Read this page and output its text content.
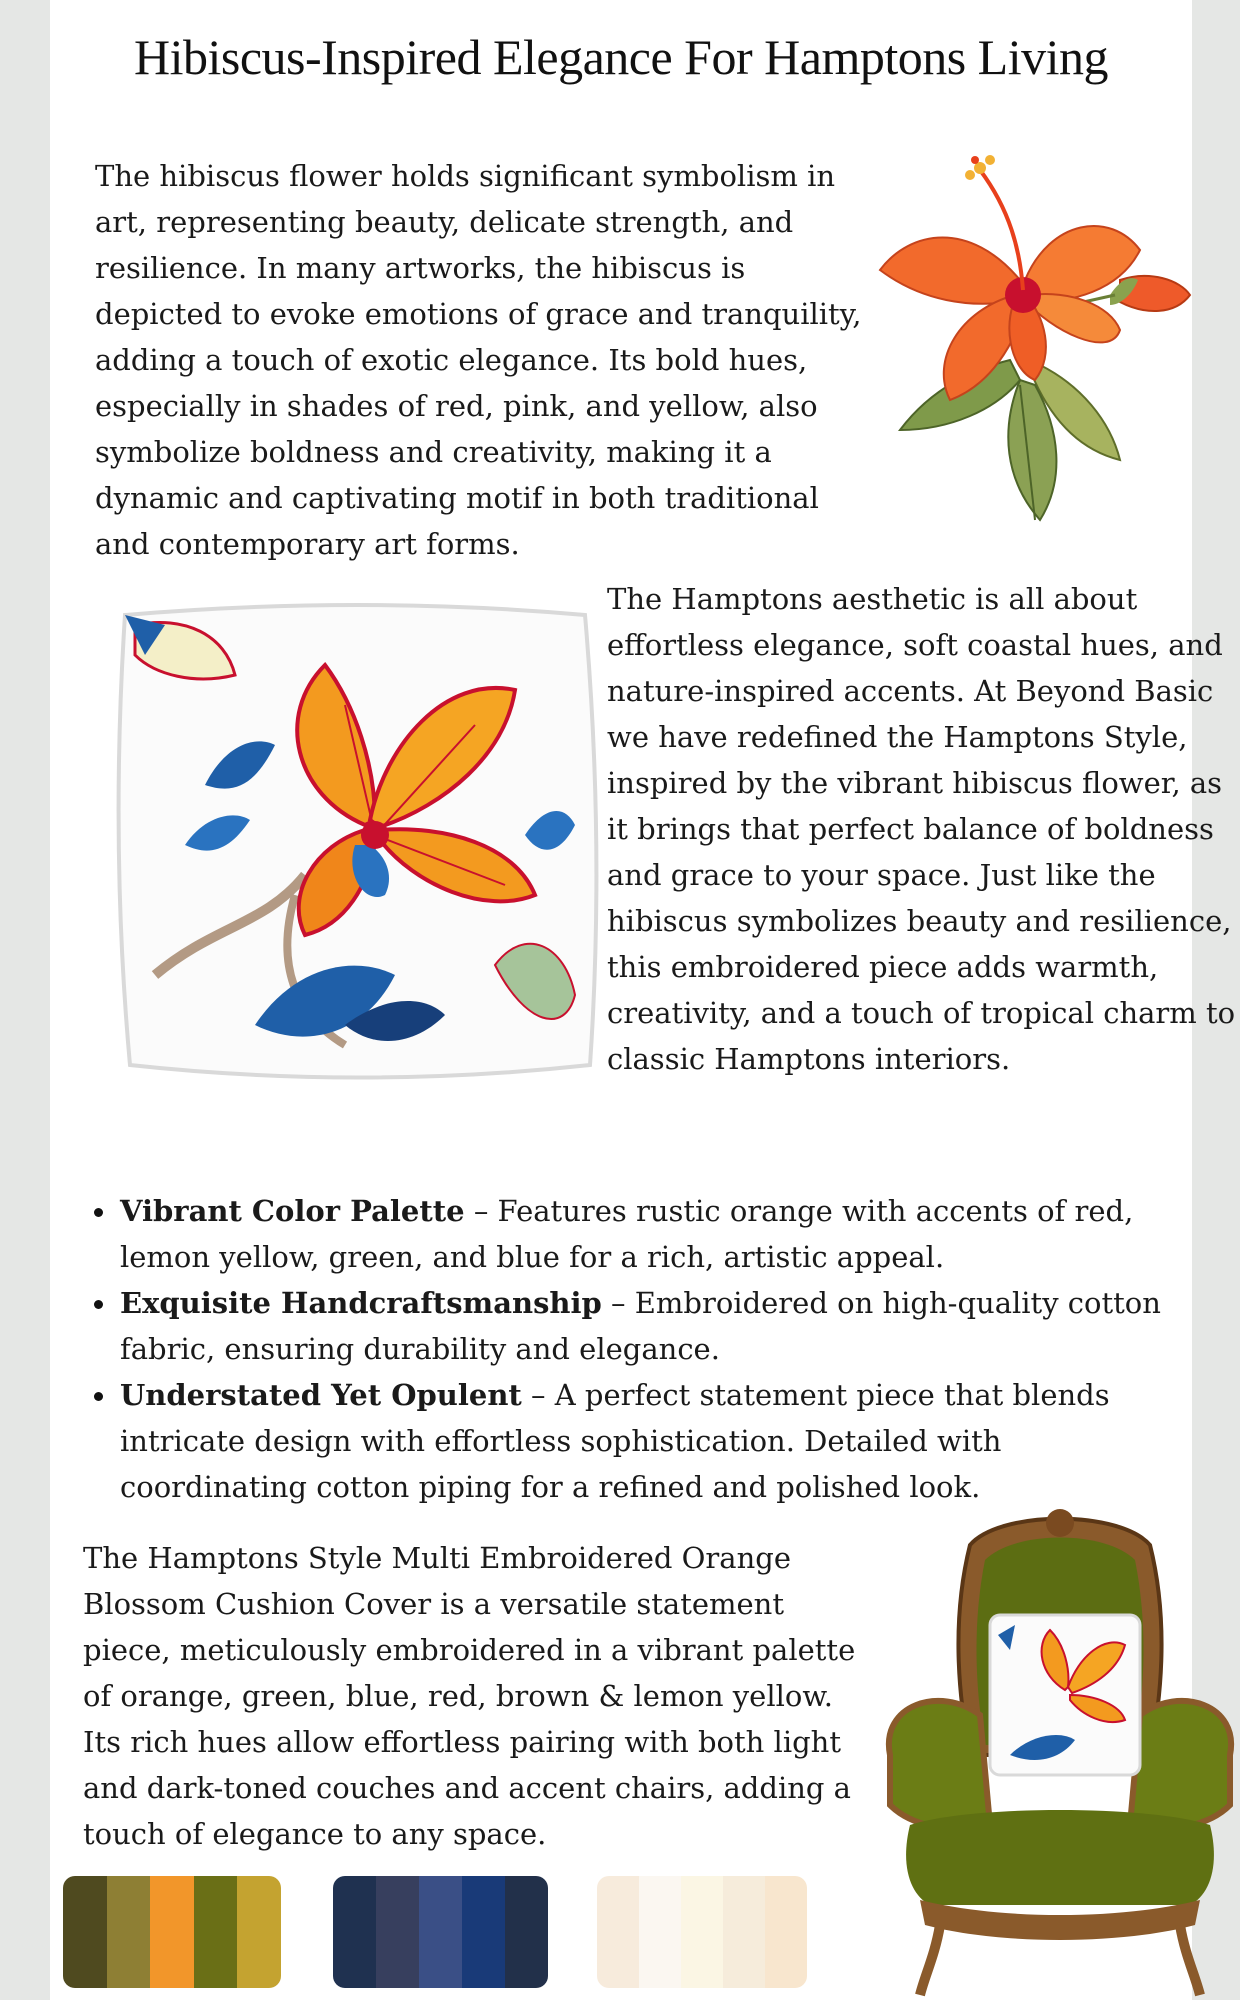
Hibiscus-Inspired Elegance For Hamptons Living

The hibiscus flower holds significant symbolism in art, representing beauty, delicate strength, and resilience. In many artworks, the hibiscus is depicted to evoke emotions of grace and tranquility, adding a touch of exotic elegance. Its bold hues, especially in shades of red, pink, and yellow, also symbolize boldness and creativity, making it a dynamic and captivating motif in both traditional and contemporary art forms.

The Hamptons aesthetic is all about effortless elegance, soft coastal hues, and nature-inspired accents. At Beyond Basic we have redefined the Hamptons Style, inspired by the vibrant hibiscus flower, as it brings that perfect balance of boldness and grace to your space. Just like the hibiscus symbolizes beauty and resilience, this embroidered piece adds warmth, creativity, and a touch of tropical charm to classic Hamptons interiors.

Vibrant Color Palette – Features rustic orange with accents of red, lemon yellow, green, and blue for a rich, artistic appeal.
Exquisite Handcraftsmanship – Embroidered on high-quality cotton fabric, ensuring durability and elegance.
Understated Yet Opulent – A perfect statement piece that blends intricate design with effortless sophistication. Detailed with coordinating cotton piping for a refined and polished look.

The Hamptons Style Multi Embroidered Orange Blossom Cushion Cover is a versatile statement piece, meticulously embroidered in a vibrant palette of orange, green, blue, red, brown & lemon yellow. Its rich hues allow effortless pairing with both light and dark-toned couches and accent chairs, adding a touch of elegance to any space.
